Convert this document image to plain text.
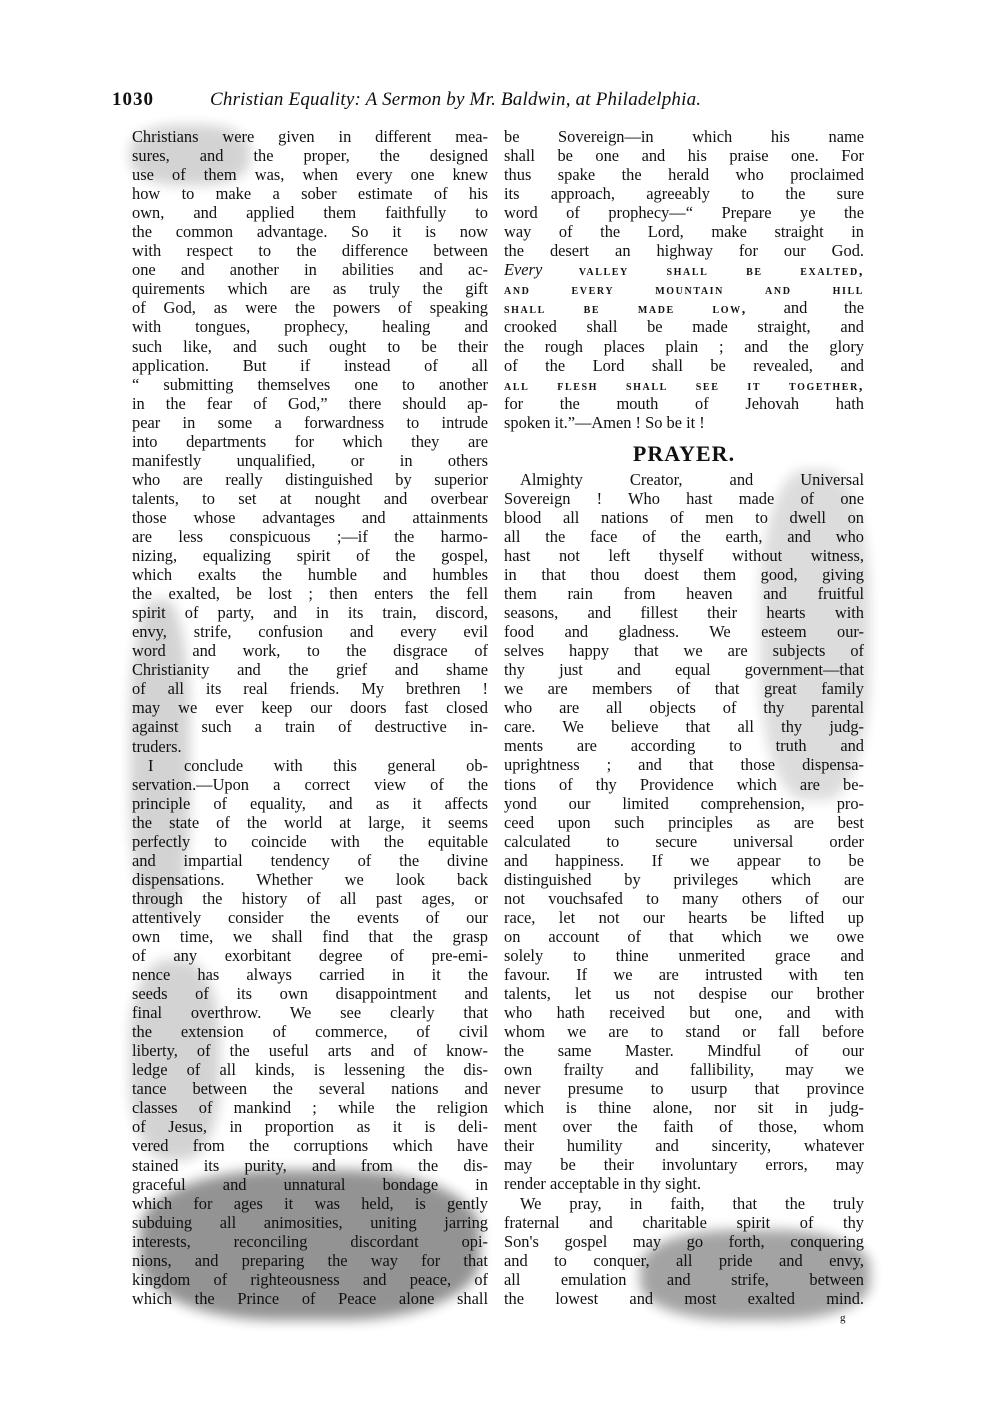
1030	Christian Equality: A Sermon by Mr. Baldwin, at Philadelphia.
Christians were given in different mea-
sures, and the proper, the designed
use of them was, when every one knew
how to make a sober estimate of his
own, and applied them faithfully to
the common advantage. So it is now
with respect to the difference between
one and another in abilities and ac-
quirements which are as truly the gift
of God, as were the powers of speaking
with tongues, prophecy, healing and
such like, and such ought to be their
application. But if instead of all
“ submitting themselves one to another
in the fear of God,” there should ap-
pear in some a forwardness to intrude
into departments for which they are
manifestly unqualified, or in others
who are really distinguished by superior
talents, to set at nought and overbear
those whose advantages and attainments
are less conspicuous ;—if the harmo-
nizing, equalizing spirit of the gospel,
which exalts the humble and humbles
the exalted, be lost ; then enters the fell
spirit of party, and in its train, discord,
envy, strife, confusion and every evil
word and work, to the disgrace of
Christianity and the grief and shame
of all its real friends. My brethren !
may we ever keep our doors fast closed
against such a train of destructive in-
truders.
I conclude with this general ob-
servation.—Upon a correct view of the
principle of equality, and as it affects
the state of the world at large, it seems
perfectly to coincide with the equitable
and impartial tendency of the divine
dispensations. Whether we look back
through the history of all past ages, or
attentively consider the events of our
own time, we shall find that the grasp
of any exorbitant degree of pre-emi-
nence has always carried in it the
seeds of its own disappointment and
final overthrow. We see clearly that
the extension of commerce, of civil
liberty, of the useful arts and of know-
ledge of all kinds, is lessening the dis-
tance between the several nations and
classes of mankind ; while the religion
of Jesus, in proportion as it is deli-
vered from the corruptions which have
stained its purity, and from the dis-
graceful and unnatural bondage in
which for ages it was held, is gently
subduing all animosities, uniting jarring
interests, reconciling discordant opi-
nions, and preparing the way for that
kingdom of righteousness and peace, of
which the Prince of Peace alone shall
be Sovereign—in which his name
shall be one and his praise one. For
thus spake the herald who proclaimed
its approach, agreeably to the sure
word of prophecy—“ Prepare ye the
way of the Lord, make straight in
the desert an highway for our God.
Every	valley shall be exalted,
and every mountain and hill
shall be made low, and the
crooked shall be made straight, and
the rough places plain ; and the glory
of the Lord shall be revealed, and
all flesh shall see it together,
for the mouth of Jehovah hath
spoken it.”—Amen ! So be it !
PRAYER.
Almighty Creator, and Universal
Sovereign ! Who hast made of one
blood all nations of men to dwell on
all the face of the earth, and who
hast not left thyself without witness,
in that thou doest them good, giving
them rain from heaven and fruitful
seasons, and fillest their hearts with
food and gladness. We esteem our-
selves happy that we are subjects of
thy just and equal government—that
we are members of that great family
who are all objects of thy parental
care. We believe that all thy judg-
ments are according to truth and
uprightness ; and that those dispensa-
tions of thy Providence which are be-
yond our limited comprehension, pro-
ceed upon such principles as are best
calculated to secure universal order
and happiness. If we appear to be
distinguished by privileges which are
not vouchsafed to many others of our
race, let not our hearts be lifted up
on account of that which we owe
solely to thine unmerited grace and
favour. If we are intrusted with ten
talents, let us not despise our brother
who hath received but one, and with
whom we are to stand or fall before
the same Master. Mindful of our
own frailty and fallibility, may we
never presume to usurp that province
which is thine alone, nor sit in judg-
ment over the faith of those, whom
their humility and sincerity, whatever
may be their involuntary errors, may
render acceptable in thy sight.
We pray, in faith, that the truly
fraternal and charitable spirit of thy
Son's gospel may go forth, conquering
and to conquer, all pride and envy,
all emulation and strife, between
the lowest and most exalted mind.
g
